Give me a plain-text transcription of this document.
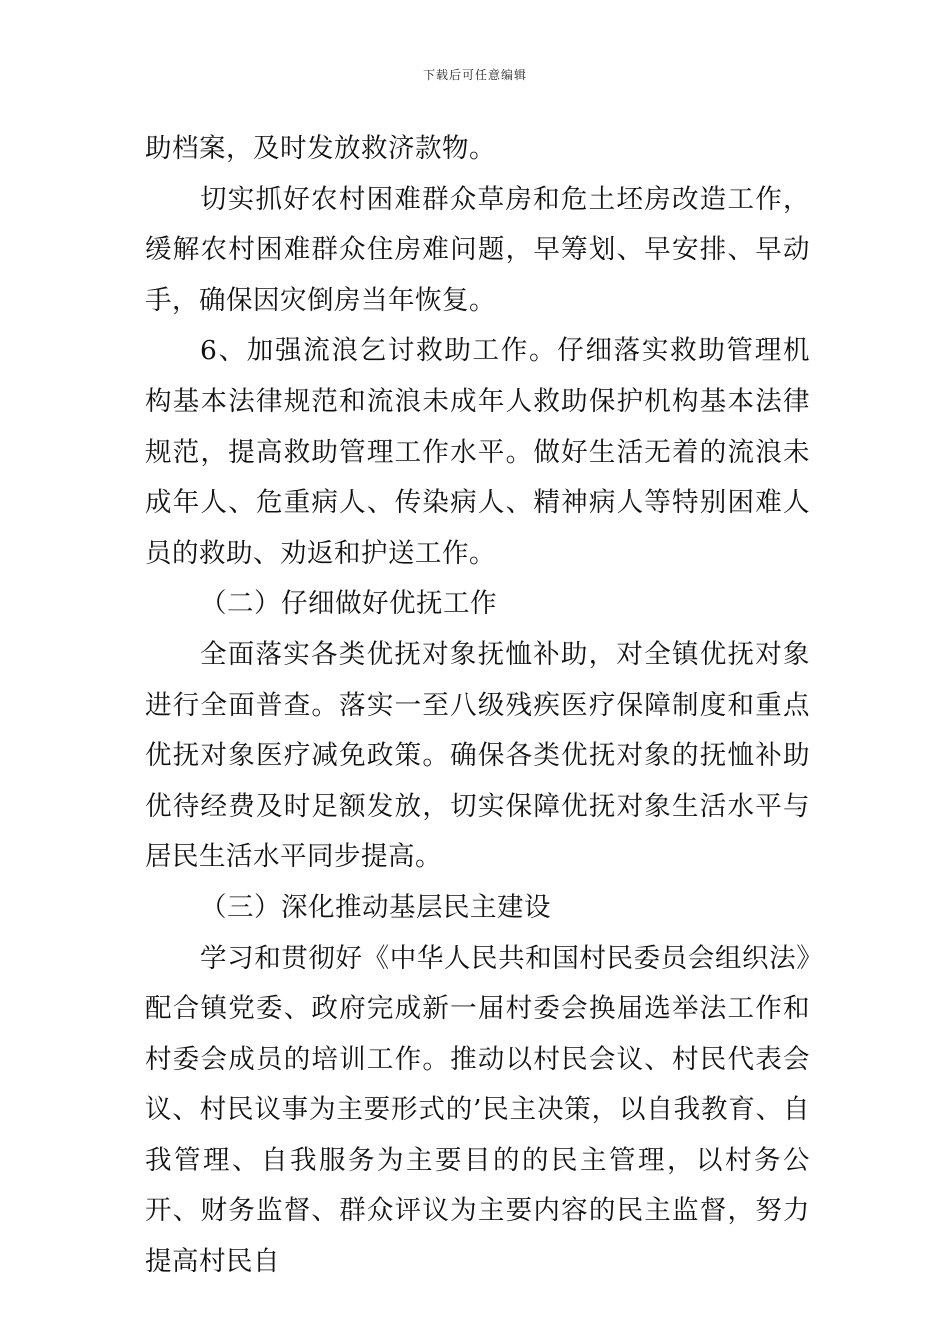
下载后可任意编辑

助档案，及时发放救济款物。

切实抓好农村困难群众草房和危土坯房改造工作，缓解农村困难群众住房难问题，早筹划、早安排、早动手，确保因灾倒房当年恢复。

6、加强流浪乞讨救助工作。仔细落实救助管理机构基本法律规范和流浪未成年人救助保护机构基本法律规范，提高救助管理工作水平。做好生活无着的流浪未成年人、危重病人、传染病人、精神病人等特别困难人员的救助、劝返和护送工作。

（二）仔细做好优抚工作

全面落实各类优抚对象抚恤补助，对全镇优抚对象进行全面普查。落实一至八级残疾医疗保障制度和重点优抚对象医疗减免政策。确保各类优抚对象的抚恤补助优待经费及时足额发放，切实保障优抚对象生活水平与居民生活水平同步提高。

（三）深化推动基层民主建设

学习和贯彻好《中华人民共和国村民委员会组织法》配合镇党委、政府完成新一届村委会换届选举法工作和村委会成员的培训工作。推动以村民会议、村民代表会议、村民议事为主要形式的’民主决策，以自我教育、自我管理、自我服务为主要目的的民主管理，以村务公开、财务监督、群众评议为主要内容的民主监督，努力提高村民自
